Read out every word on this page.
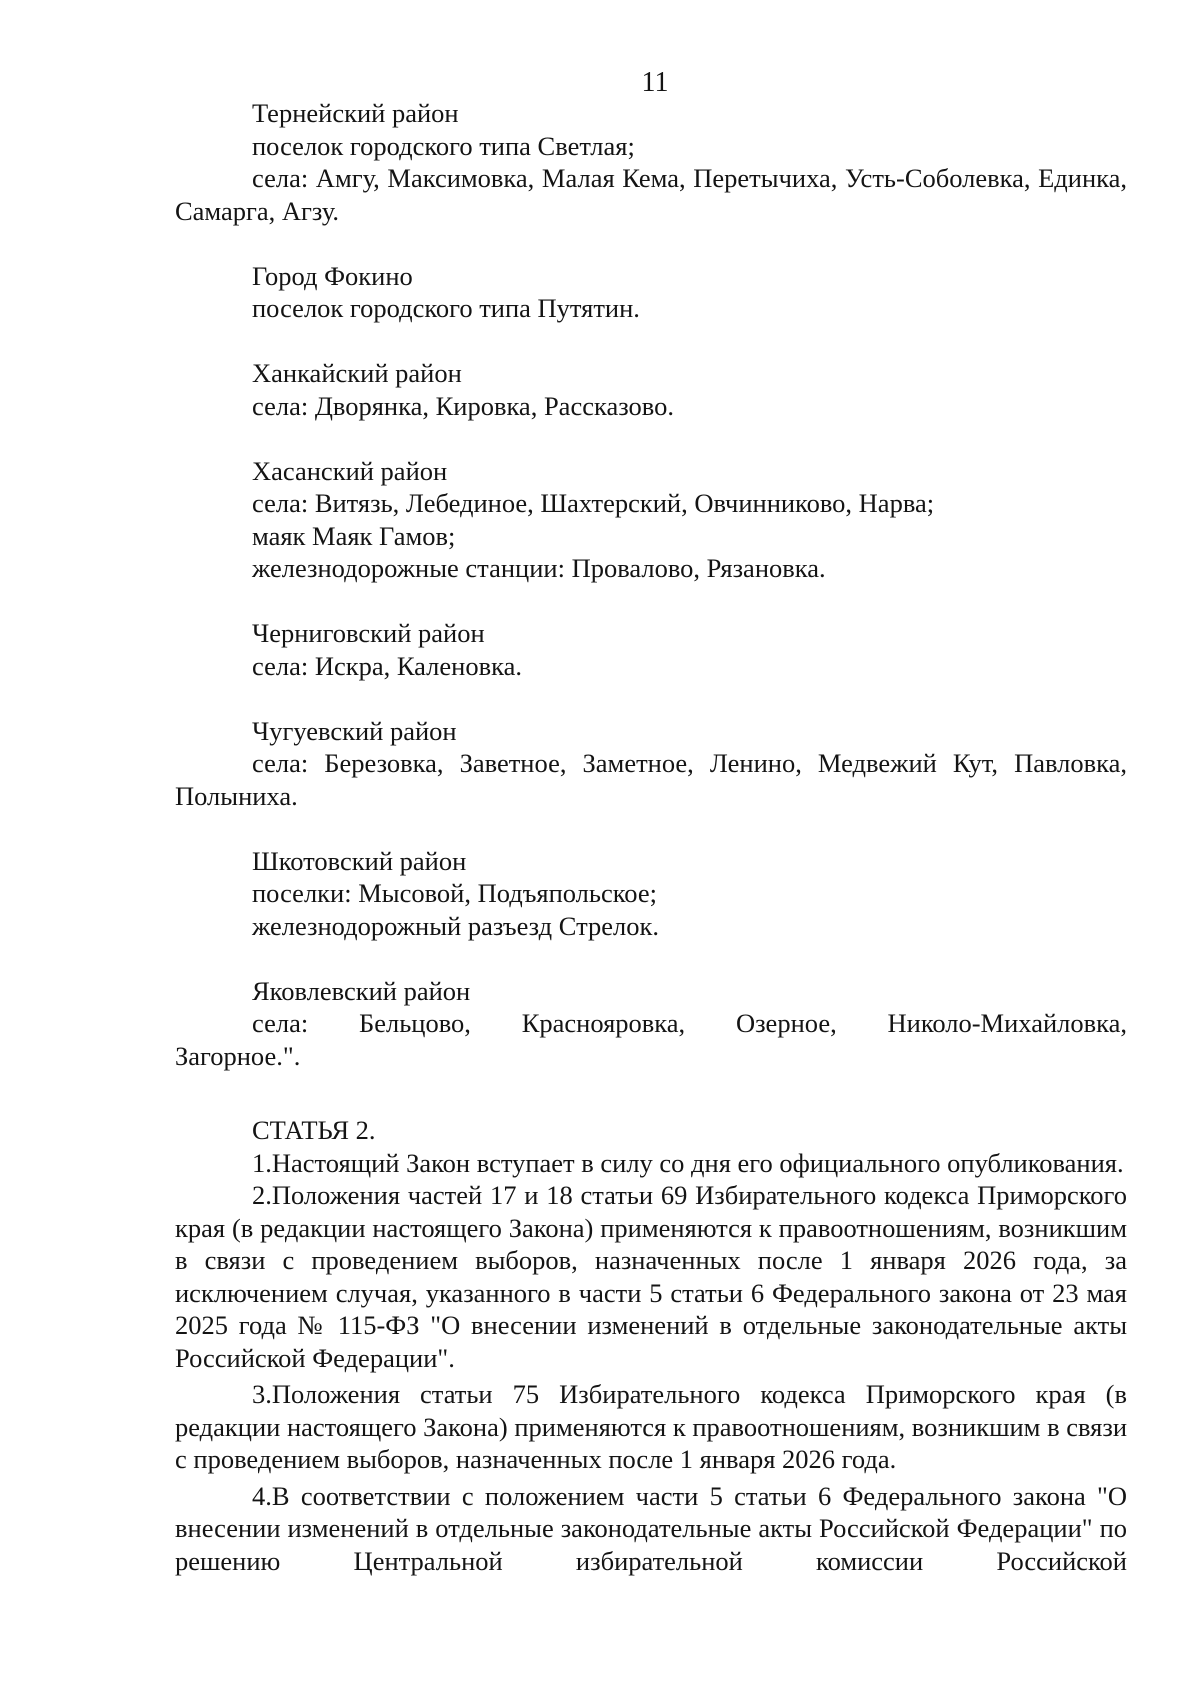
11

Тернейский район

поселок городского типа Светлая;

села: Амгу, Максимовка, Малая Кема, Перетычиха, Усть-Соболевка, Единка, Самарга, Агзу.

Город Фокино

поселок городского типа Путятин.

Ханкайский район

села: Дворянка, Кировка, Рассказово.

Хасанский район

села: Витязь, Лебединое, Шахтерский, Овчинниково, Нарва;

маяк Маяк Гамов;

железнодорожные станции: Провалово, Рязановка.

Черниговский район

села: Искра, Каленовка.

Чугуевский район

села: Березовка, Заветное, Заметное, Ленино, Медвежий Кут, Павловка, Полыниха.

Шкотовский район

поселки: Мысовой, Подъяпольское;

железнодорожный разъезд Стрелок.

Яковлевский район

села: Бельцово, Краснояровка, Озерное, Николо-Михайловка, Загорное.".

СТАТЬЯ 2.

1.Настоящий Закон вступает в силу со дня его официального опубликования.

2.Положения частей 17 и 18 статьи 69 Избирательного кодекса Приморского края (в редакции настоящего Закона) применяются к правоотношениям, возникшим в связи с проведением выборов, назначенных после 1 января 2026 года, за исключением случая, указанного в части 5 статьи 6 Федерального закона от 23 мая 2025 года № 115-ФЗ "О внесении изменений в отдельные законодательные акты Российской Федерации".

3.Положения статьи 75 Избирательного кодекса Приморского края (в редакции настоящего Закона) применяются к правоотношениям, возникшим в связи с проведением выборов, назначенных после 1 января 2026 года.

4.В соответствии с положением части 5 статьи 6 Федерального закона "О внесении изменений в отдельные законодательные акты Российской Федерации" по решению Центральной избирательной комиссии Российской
